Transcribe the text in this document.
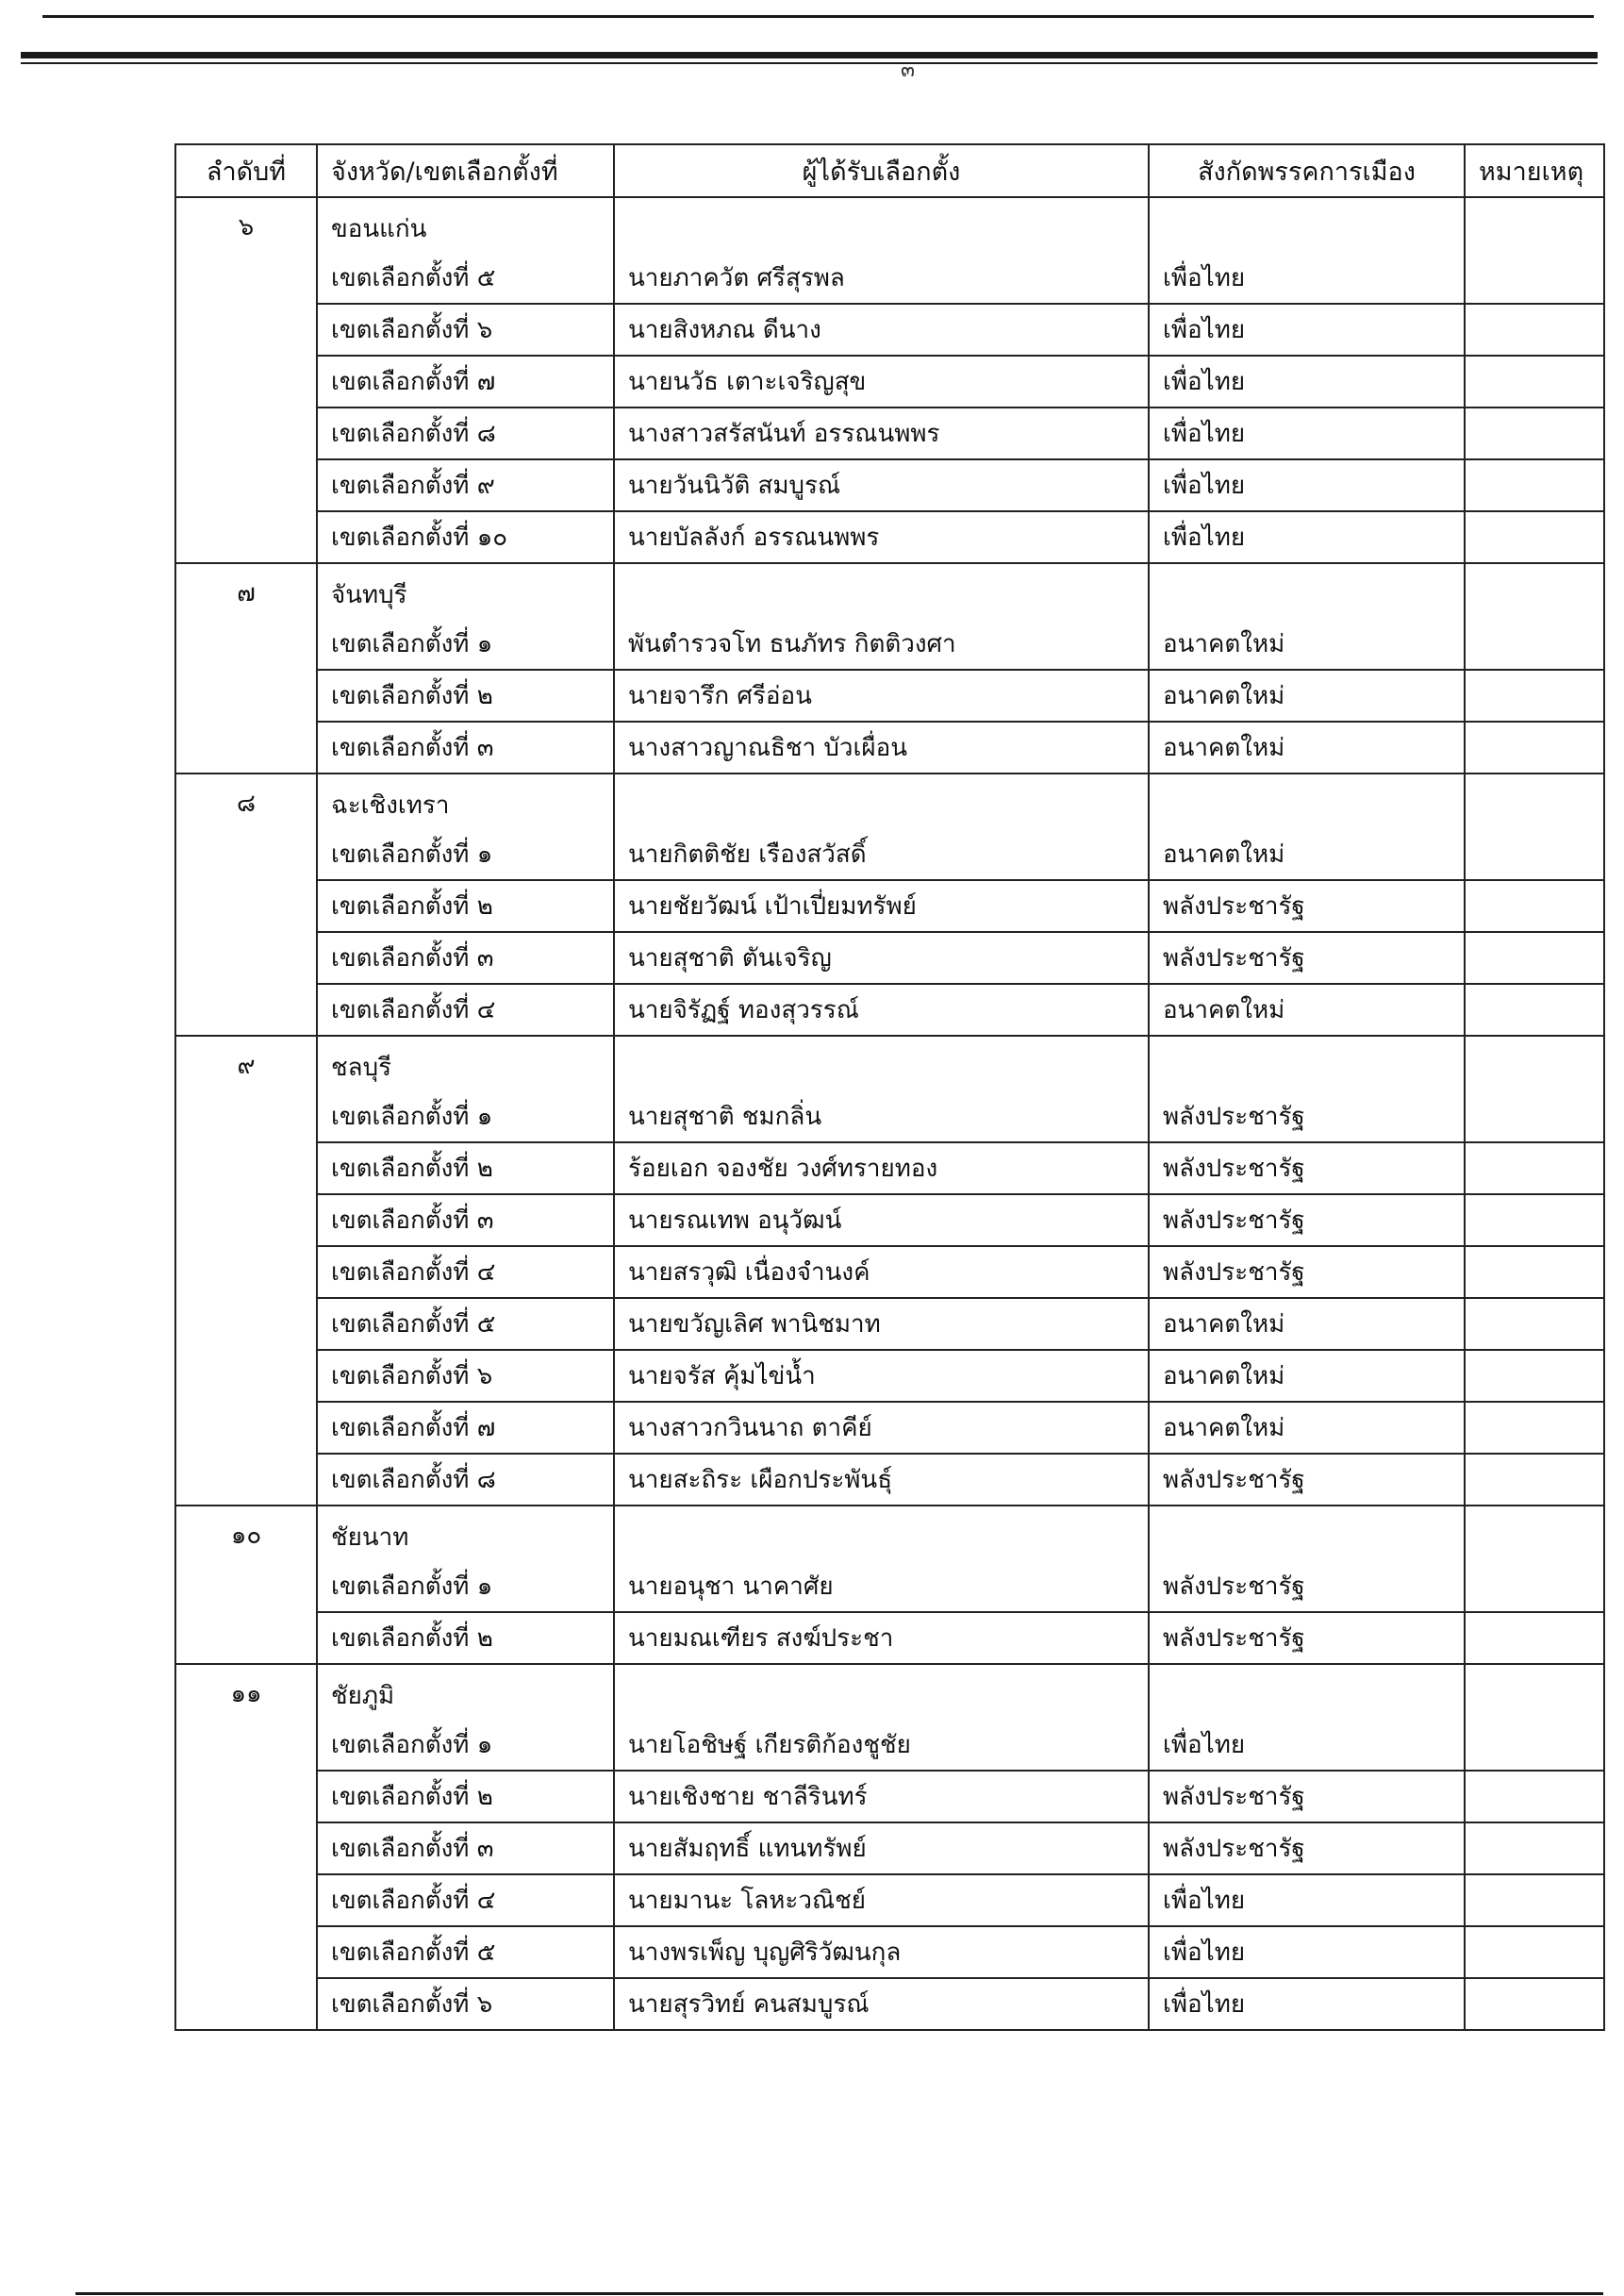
๓
ลำดับที่	จังหวัด/เขตเลือกตั้งที่	ผู้ได้รับเลือกตั้ง	สังกัดพรรคการเมือง	หมายเหตุ
๖	ขอนแก่น			
	เขตเลือกตั้งที่ ๕	นายภาควัต ศรีสุรพล	เพื่อไทย	
	เขตเลือกตั้งที่ ๖	นายสิงหภณ ดีนาง	เพื่อไทย	
	เขตเลือกตั้งที่ ๗	นายนวัธ เตาะเจริญสุข	เพื่อไทย	
	เขตเลือกตั้งที่ ๘	นางสาวสรัสนันท์ อรรณนพพร	เพื่อไทย	
	เขตเลือกตั้งที่ ๙	นายวันนิวัติ สมบูรณ์	เพื่อไทย	
	เขตเลือกตั้งที่ ๑๐	นายบัลลังก์ อรรณนพพร	เพื่อไทย	
๗	จันทบุรี			
	เขตเลือกตั้งที่ ๑	พันตำรวจโท ธนภัทร กิตติวงศา	อนาคตใหม่	
	เขตเลือกตั้งที่ ๒	นายจารึก ศรีอ่อน	อนาคตใหม่	
	เขตเลือกตั้งที่ ๓	นางสาวญาณธิชา บัวเผื่อน	อนาคตใหม่	
๘	ฉะเชิงเทรา			
	เขตเลือกตั้งที่ ๑	นายกิตติชัย เรืองสวัสดิ์	อนาคตใหม่	
	เขตเลือกตั้งที่ ๒	นายชัยวัฒน์ เป้าเปี่ยมทรัพย์	พลังประชารัฐ	
	เขตเลือกตั้งที่ ๓	นายสุชาติ ตันเจริญ	พลังประชารัฐ	
	เขตเลือกตั้งที่ ๔	นายจิรัฏฐ์ ทองสุวรรณ์	อนาคตใหม่	
๙	ชลบุรี			
	เขตเลือกตั้งที่ ๑	นายสุชาติ ชมกลิ่น	พลังประชารัฐ	
	เขตเลือกตั้งที่ ๒	ร้อยเอก จองชัย วงศ์ทรายทอง	พลังประชารัฐ	
	เขตเลือกตั้งที่ ๓	นายรณเทพ อนุวัฒน์	พลังประชารัฐ	
	เขตเลือกตั้งที่ ๔	นายสรวุฒิ เนื่องจำนงค์	พลังประชารัฐ	
	เขตเลือกตั้งที่ ๕	นายขวัญเลิศ พานิชมาท	อนาคตใหม่	
	เขตเลือกตั้งที่ ๖	นายจรัส คุ้มไข่น้ำ	อนาคตใหม่	
	เขตเลือกตั้งที่ ๗	นางสาวกวินนาถ ตาคีย์	อนาคตใหม่	
	เขตเลือกตั้งที่ ๘	นายสะถิระ เผือกประพันธุ์	พลังประชารัฐ	
๑๐	ชัยนาท			
	เขตเลือกตั้งที่ ๑	นายอนุชา นาคาศัย	พลังประชารัฐ	
	เขตเลือกตั้งที่ ๒	นายมณเฑียร สงฆ์ประชา	พลังประชารัฐ	
๑๑	ชัยภูมิ			
	เขตเลือกตั้งที่ ๑	นายโอชิษฐ์ เกียรติก้องชูชัย	เพื่อไทย	
	เขตเลือกตั้งที่ ๒	นายเชิงชาย ชาลีรินทร์	พลังประชารัฐ	
	เขตเลือกตั้งที่ ๓	นายสัมฤทธิ์ แทนทรัพย์	พลังประชารัฐ	
	เขตเลือกตั้งที่ ๔	นายมานะ โลหะวณิชย์	เพื่อไทย	
	เขตเลือกตั้งที่ ๕	นางพรเพ็ญ บุญศิริวัฒนกุล	เพื่อไทย	
	เขตเลือกตั้งที่ ๖	นายสุรวิทย์ คนสมบูรณ์	เพื่อไทย	
